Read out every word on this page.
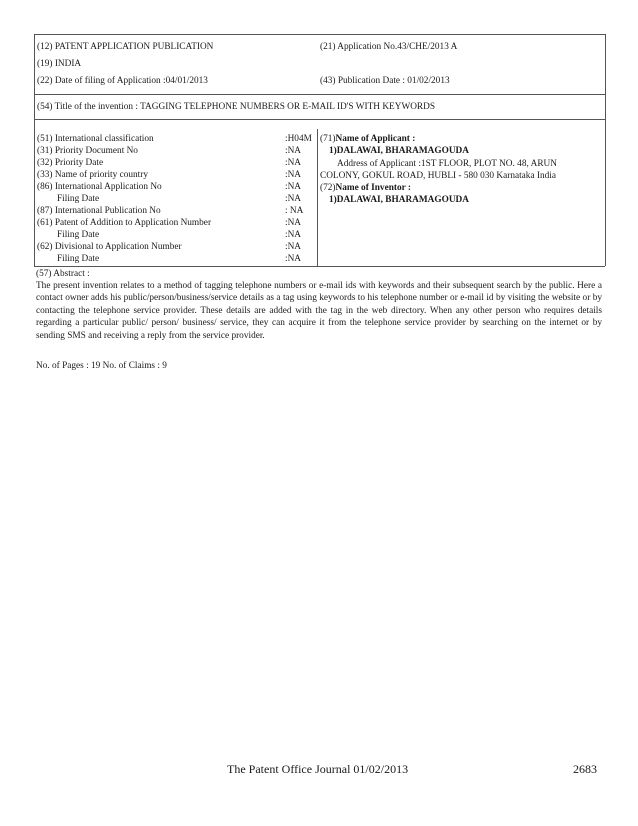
(12) PATENT APPLICATION PUBLICATION	(21) Application No.43/CHE/2013 A
(19) INDIA
(22) Date of filing of Application :04/01/2013	(43) Publication Date : 01/02/2013
(54) Title of the invention : TAGGING TELEPHONE NUMBERS OR E-MAIL ID'S WITH KEYWORDS
(51) International classification	:H04M
(31) Priority Document No	:NA
(32) Priority Date	:NA
(33) Name of priority country	:NA
(86) International Application No	:NA
Filing Date	:NA
(87) International Publication No	: NA
(61) Patent of Addition to Application Number	:NA
Filing Date	:NA
(62) Divisional to Application Number	:NA
Filing Date	:NA
(71)Name of Applicant :
1)DALAWAI, BHARAMAGOUDA
Address of Applicant :1ST FLOOR, PLOT NO. 48, ARUN
COLONY, GOKUL ROAD, HUBLI - 580 030 Karnataka India
(72)Name of Inventor :
1)DALAWAI, BHARAMAGOUDA
(57) Abstract :
The present invention relates to a method of tagging telephone numbers or e-mail ids with keywords and their subsequent search by the public. Here a contact owner adds his public/person/business/service details as a tag using keywords to his telephone number or e-mail id by visiting the website or by contacting the telephone service provider. These details are added with the tag in the web directory. When any other person who requires details regarding a particular public/ person/ business/ service, they can acquire it from the telephone service provider by searching on the internet or by sending SMS and receiving a reply from the service provider.
No. of Pages : 19 No. of Claims : 9
The Patent Office Journal 01/02/2013	2683
